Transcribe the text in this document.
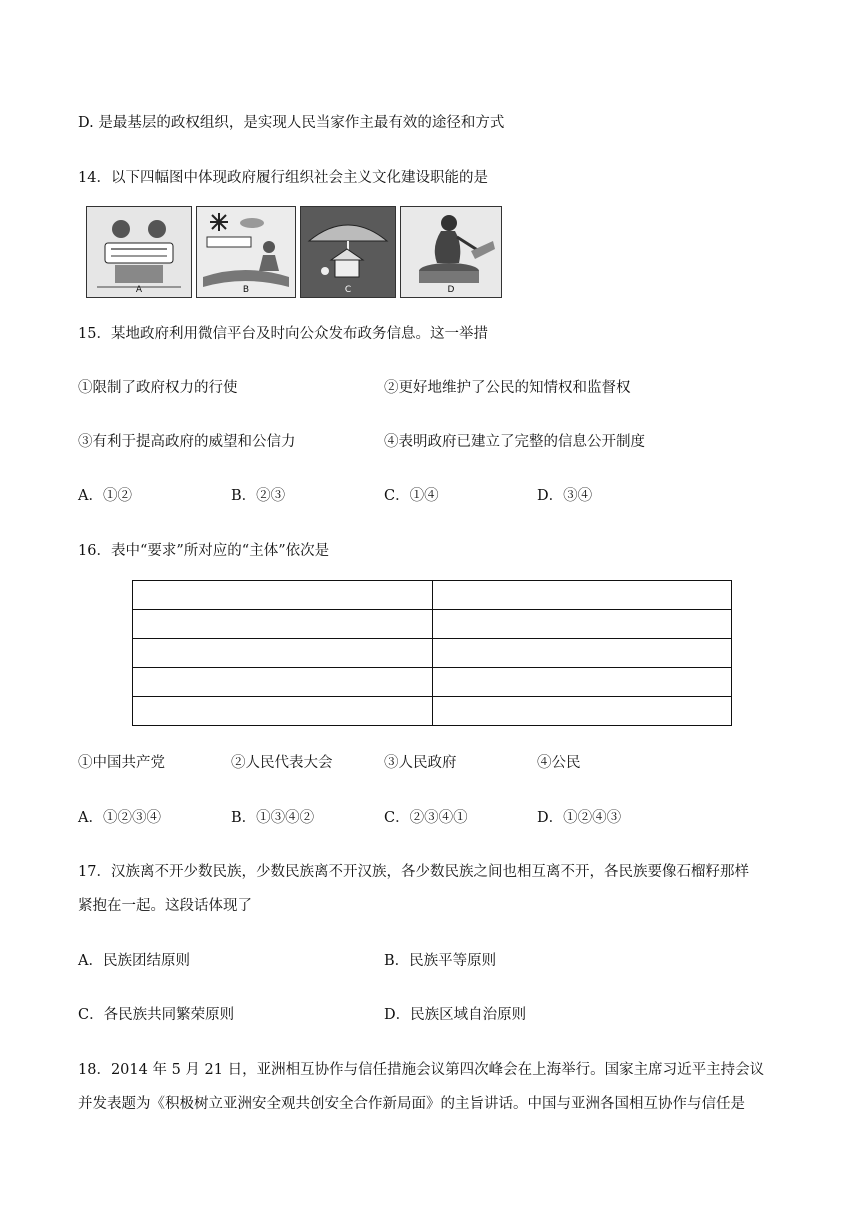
D. 是最基层的政权组织，是实现人民当家作主最有效的途径和方式
14．以下四幅图中体现政府履行组织社会主义文化建设职能的是
A	B	C	D
15．某地政府利用微信平台及时向公众发布政务信息。这一举措
①限制了政府权力的行使	②更好地维护了公民的知情权和监督权
③有利于提高政府的威望和公信力	④表明政府已建立了完整的信息公开制度
A．①②	B．②③	C．①④	D．③④
16．表中“要求”所对应的“主体”依次是

①中国共产党	②人民代表大会	③人民政府	④公民
A．①②③④	B．①③④②	C．②③④①	D．①②④③
17．汉族离不开少数民族，少数民族离不开汉族，各少数民族之间也相互离不开，各民族要像石榴籽那样
紧抱在一起。这段话体现了
A．民族团结原则	B．民族平等原则
C．各民族共同繁荣原则	D．民族区域自治原则
18．2014 年 5 月 21 日，亚洲相互协作与信任措施会议第四次峰会在上海举行。国家主席习近平主持会议
并发表题为《积极树立亚洲安全观共创安全合作新局面》的主旨讲话。中国与亚洲各国相互协作与信任是
